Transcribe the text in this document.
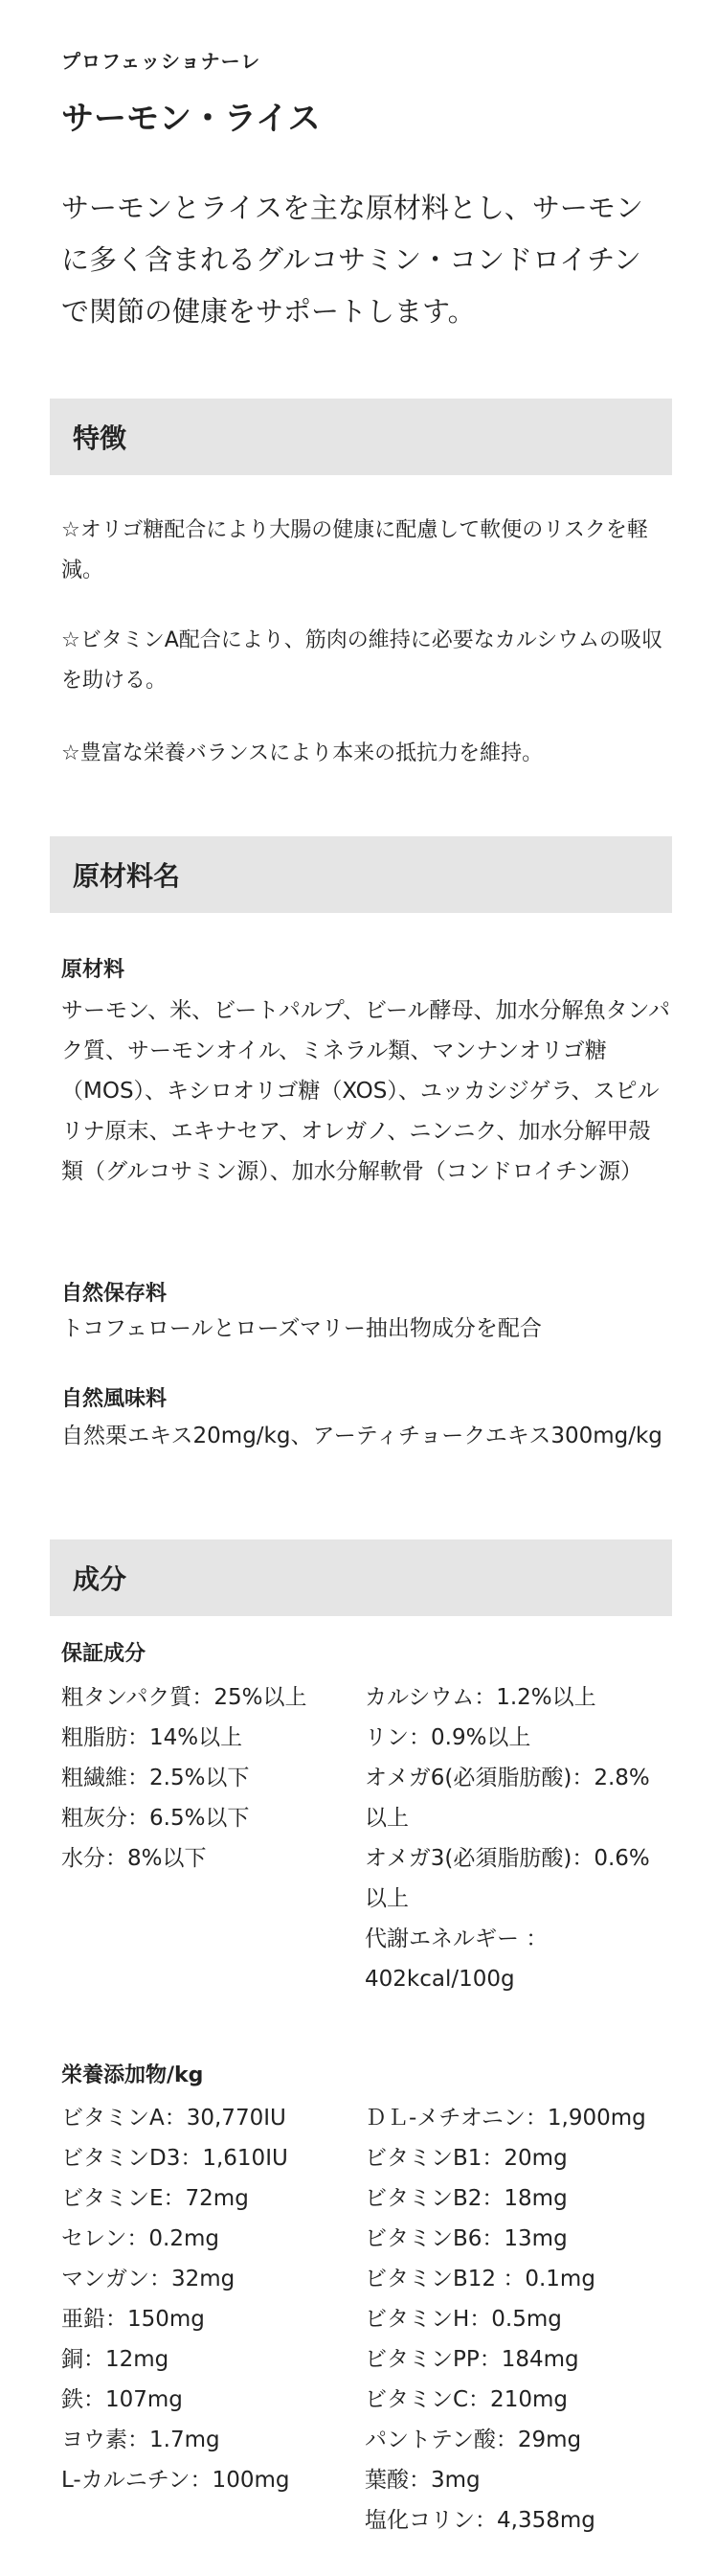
プロフェッショナーレ
サーモン・ライス
サーモンとライスを主な原材料とし、サーモンに多く含まれるグルコサミン・コンドロイチンで関節の健康をサポートします。
特徴
☆オリゴ糖配合により大腸の健康に配慮して軟便のリスクを軽減。
☆ビタミンA配合により、筋肉の維持に必要なカルシウムの吸収を助ける。
☆豊富な栄養バランスにより本来の抵抗力を維持。
原材料名
原材料
サーモン、米、ビートパルプ、ビール酵母、加水分解魚タンパク質、サーモンオイル、ミネラル類、マンナンオリゴ糖（MOS）、キシロオリゴ糖（XOS）、ユッカシジゲラ、スピルリナ原末、エキナセア、オレガノ、ニンニク、加水分解甲殻類（グルコサミン源）、加水分解軟骨（コンドロイチン源）
自然保存料
トコフェロールとローズマリー抽出物成分を配合
自然風味料
自然栗エキス20mg/kg、アーティチョークエキス300mg/kg
成分
保証成分
粗タンパク質：25%以上
粗脂肪：14%以上
粗繊維：2.5%以下
粗灰分：6.5%以下
水分：8%以下
カルシウム：1.2%以上
リン：0.9%以上
オメガ6(必須脂肪酸)：2.8%以上
オメガ3(必須脂肪酸)：0.6%以上
代謝エネルギー ：402kcal/100g
栄養添加物/kg
ビタミンA：30,770IU
ビタミンD3：1,610IU
ビタミンE：72mg
セレン：0.2mg
マンガン：32mg
亜鉛：150mg
銅：12mg
鉄：107mg
ヨウ素：1.7mg
L-カルニチン：100mg
ＤＬ-メチオニン：1,900mg
ビタミンB1：20mg
ビタミンB2：18mg
ビタミンB6：13mg
ビタミンB12 ：0.1mg
ビタミンH：0.5mg
ビタミンPP：184mg
ビタミンC：210mg
パントテン酸：29mg
葉酸：3mg
塩化コリン：4,358mg
